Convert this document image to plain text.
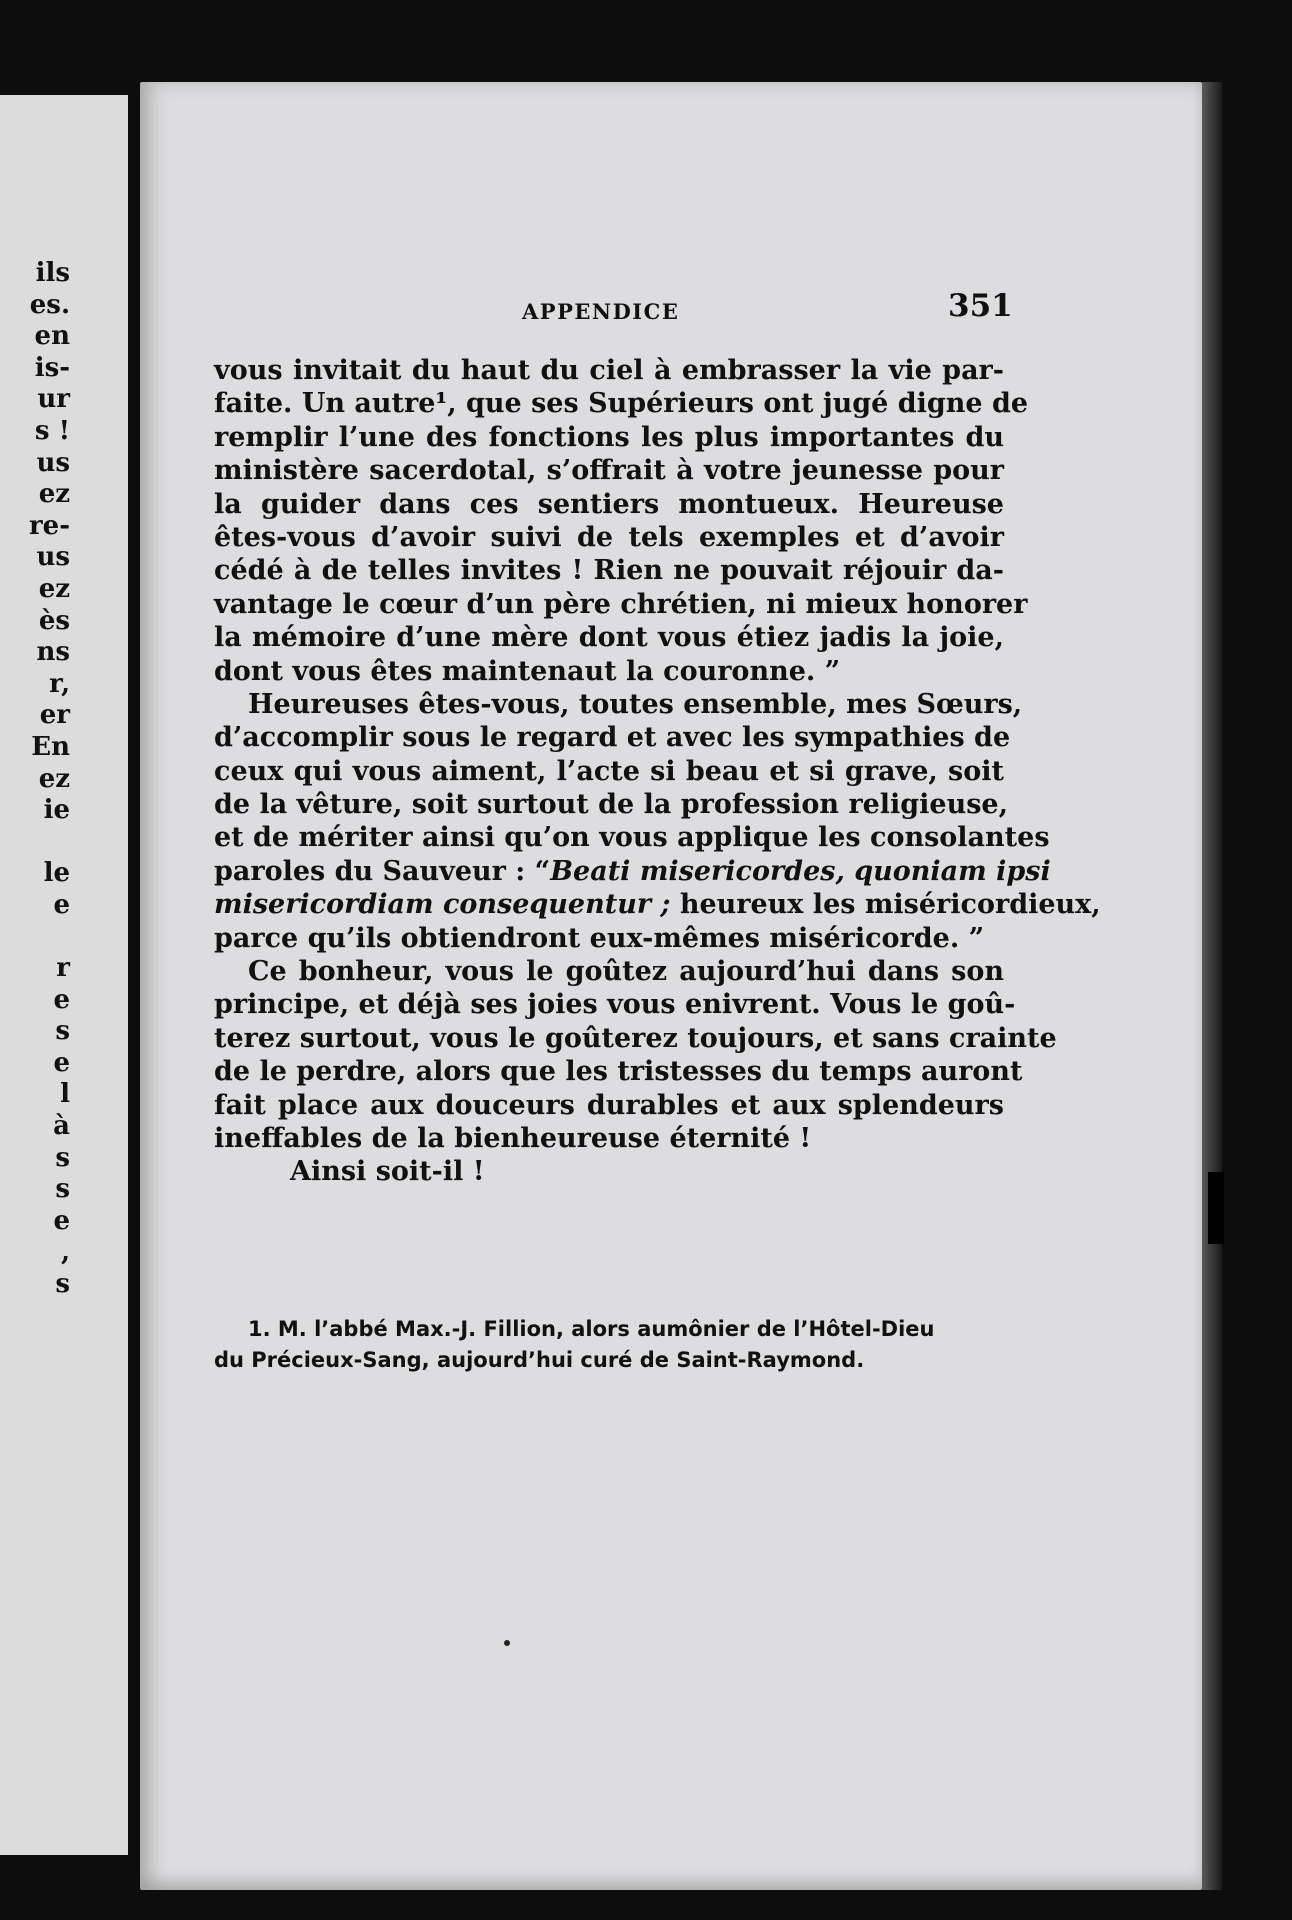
ils
es.
en
is-
ur
s !
us
ez
re-
us
ez
ès
ns
r,
er
En
ez
ie
le
e
r
e
s
e
l
à
s
s
e
,
s
APPENDICE	351
vous invitait du haut du ciel à embrasser la vie par-
faite. Un autre¹, que ses Supérieurs ont jugé digne de
remplir l’une des fonctions les plus importantes du
ministère sacerdotal, s’offrait à votre jeunesse pour
la guider dans ces sentiers montueux. Heureuse
êtes-vous d’avoir suivi de tels exemples et d’avoir
cédé à de telles invites ! Rien ne pouvait réjouir da-
vantage le cœur d’un père chrétien, ni mieux honorer
la mémoire d’une mère dont vous étiez jadis la joie,
dont vous êtes maintenaut la couronne. ”
Heureuses êtes-vous, toutes ensemble, mes Sœurs,
d’accomplir sous le regard et avec les sympathies de
ceux qui vous aiment, l’acte si beau et si grave, soit
de la vêture, soit surtout de la profession religieuse,
et de mériter ainsi qu’on vous applique les consolantes
paroles du Sauveur : “Beati misericordes, quoniam ipsi
misericordiam consequentur ; heureux les miséricordieux,
parce qu’ils obtiendront eux-mêmes miséricorde. ”
Ce bonheur, vous le goûtez aujourd’hui dans son
principe, et déjà ses joies vous enivrent. Vous le goû-
terez surtout, vous le goûterez toujours, et sans crainte
de le perdre, alors que les tristesses du temps auront
fait place aux douceurs durables et aux splendeurs
ineffables de la bienheureuse éternité !
Ainsi soit-il !
1. M. l’abbé Max.-J. Fillion, alors aumônier de l’Hôtel-Dieu
du Précieux-Sang, aujourd’hui curé de Saint-Raymond.
